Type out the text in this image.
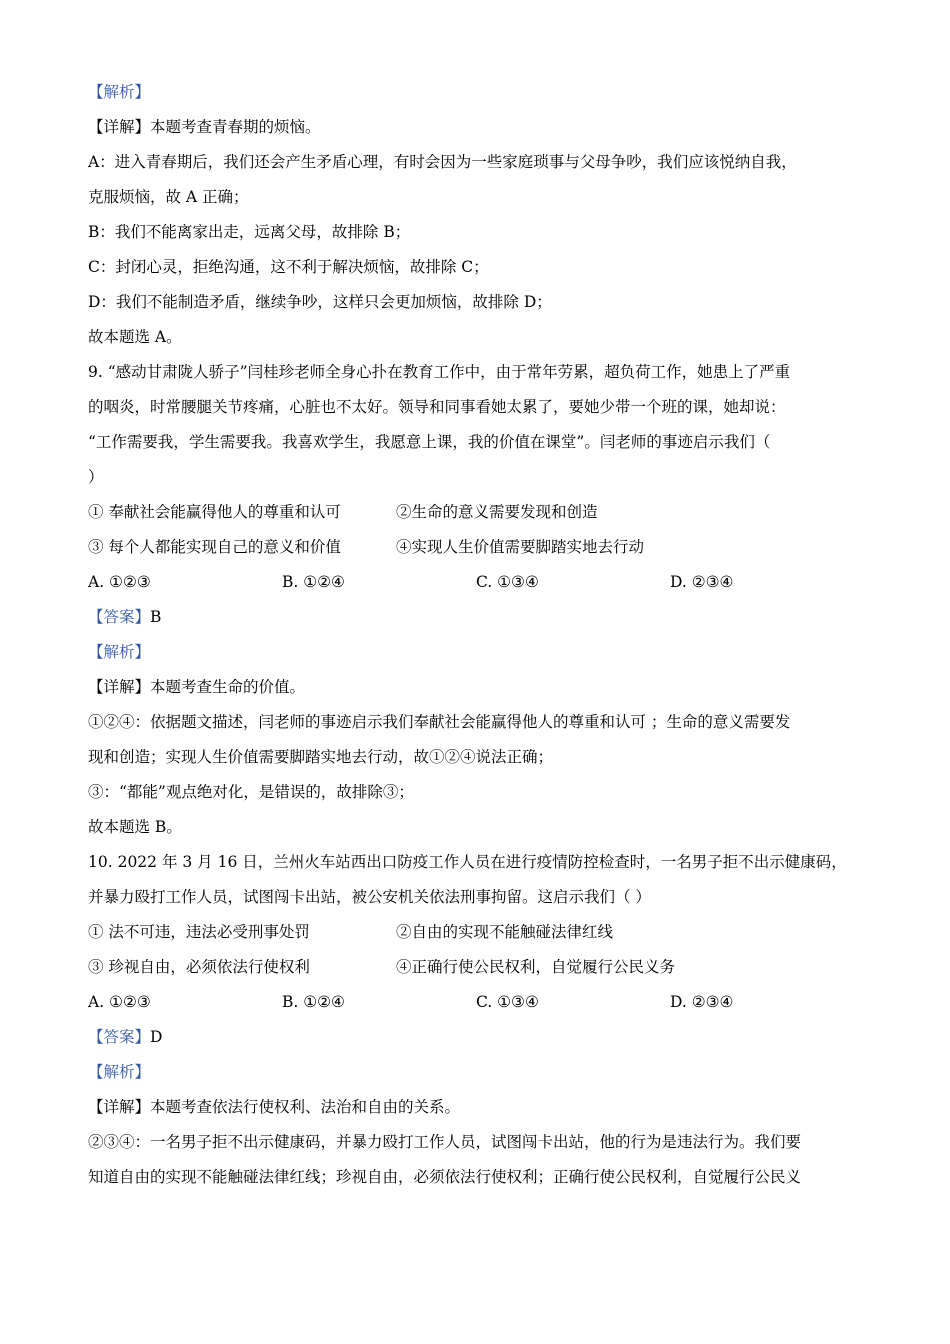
【解析】
【详解】本题考查青春期的烦恼。
A：进入青春期后，我们还会产生矛盾心理，有时会因为一些家庭琐事与父母争吵，我们应该悦纳自我，
克服烦恼，故 A 正确；
B：我们不能离家出走，远离父母，故排除 B；
C：封闭心灵，拒绝沟通，这不利于解决烦恼，故排除 C；
D：我们不能制造矛盾，继续争吵，这样只会更加烦恼，故排除 D；
故本题选 A。
9. “感动甘肃陇人骄子”闫桂珍老师全身心扑在教育工作中，由于常年劳累，超负荷工作，她患上了严重
的咽炎，时常腰腿关节疼痛，心脏也不太好。领导和同事看她太累了，要她少带一个班的课，她却说：
“工作需要我，学生需要我。我喜欢学生，我愿意上课，我的价值在课堂”。闫老师的事迹启示我们（
）
① 奉献社会能赢得他人的尊重和认可	②生命的意义需要发现和创造
③ 每个人都能实现自己的意义和价值	④实现人生价值需要脚踏实地去行动
A. ①②③	B. ①②④	C. ①③④	D. ②③④
【答案】B
【解析】
【详解】本题考查生命的价值。
①②④：依据题文描述，闫老师的事迹启示我们奉献社会能赢得他人的尊重和认可 ；生命的意义需要发
现和创造；实现人生价值需要脚踏实地去行动，故①②④说法正确；
③：“都能”观点绝对化，是错误的，故排除③；
故本题选 B。
10. 2022 年 3 月 16 日，兰州火车站西出口防疫工作人员在进行疫情防控检查时，一名男子拒不出示健康码，
并暴力殴打工作人员，试图闯卡出站，被公安机关依法刑事拘留。这启示我们（ ）
① 法不可违，违法必受刑事处罚	②自由的实现不能触碰法律红线
③ 珍视自由，必须依法行使权利	④正确行使公民权利，自觉履行公民义务
A. ①②③	B. ①②④	C. ①③④	D. ②③④
【答案】D
【解析】
【详解】本题考查依法行使权利、法治和自由的关系。
②③④：一名男子拒不出示健康码，并暴力殴打工作人员，试图闯卡出站，他的行为是违法行为。我们要
知道自由的实现不能触碰法律红线；珍视自由，必须依法行使权利；正确行使公民权利，自觉履行公民义
